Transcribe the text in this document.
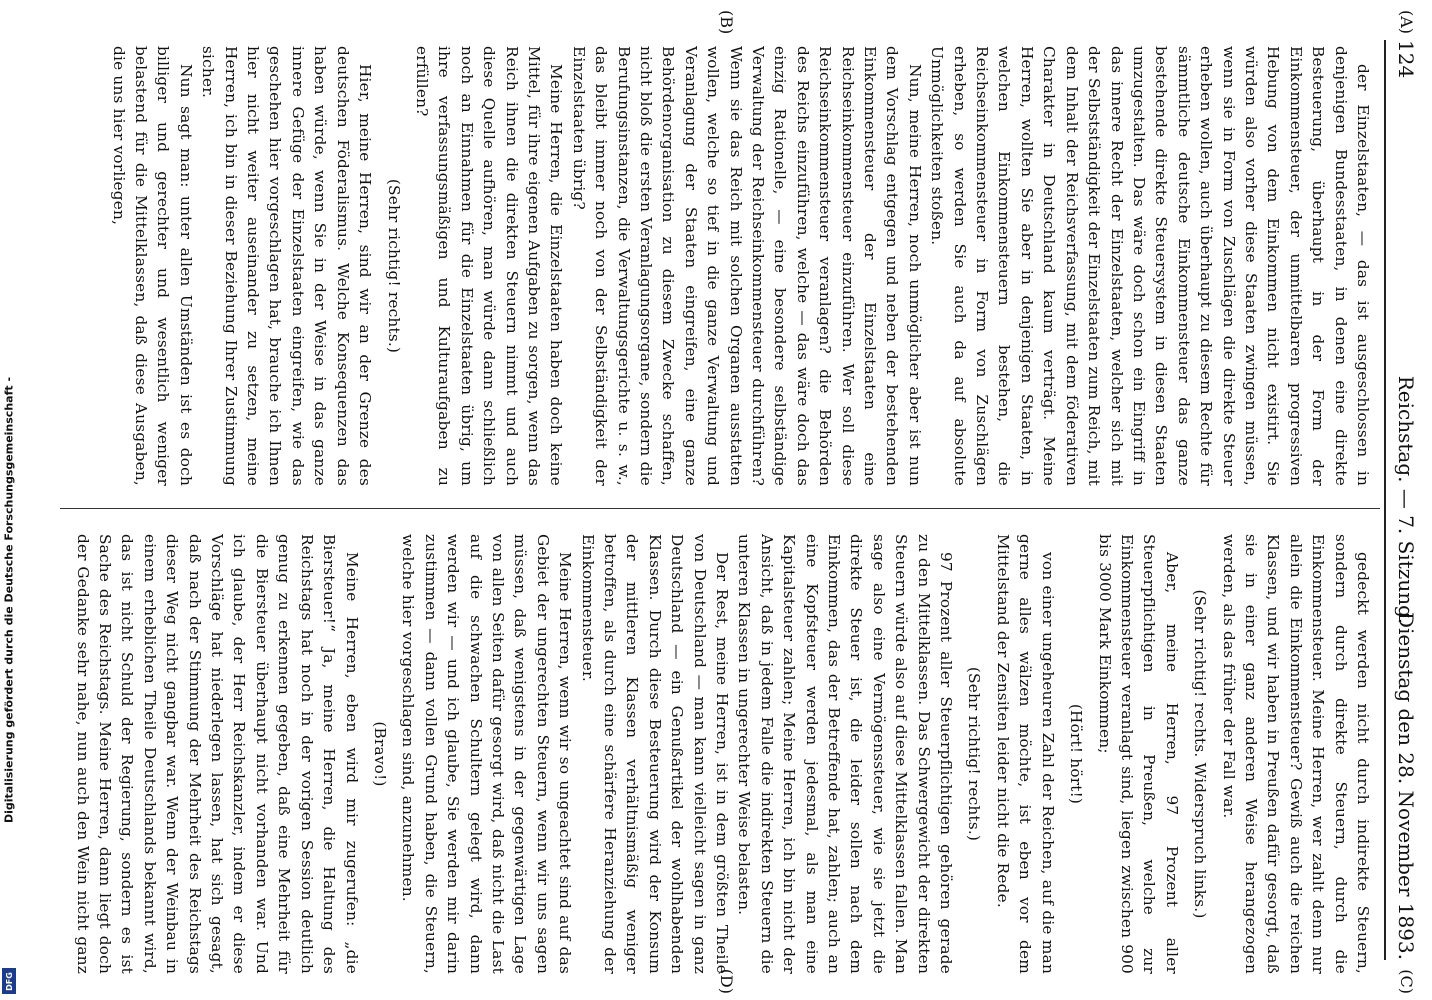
Digitalisierung gefördert durch die Deutsche Forschungsgemeinschaft -
DFG
124
Reichstag. — 7. Sitzung.
Dienstag den 28. November 1893.
(A)
(B)
(C)
(D)

der Einzelstaaten, — das ist ausgeschlossen in denjenigen Bundesstaaten, in denen eine direkte Besteuerung, überhaupt in der Form der Einkommensteuer, der unmittelbaren progressiven Hebung von dem Einkommen nicht existirt. Sie würden also vorher diese Staaten zwingen müssen, wenn sie in Form von Zuschlägen die direkte Steuer erheben wollen, auch überhaupt zu diesem Rechte für sämmtliche deutsche Einkommensteuer das ganze bestehende direkte Steuersystem in diesen Staaten umzugestalten. Das wäre doch schon ein Eingriff in das innere Recht der Einzelstaaten, welcher sich mit der Selbstständigkeit der Einzelstaaten zum Reich, mit dem Inhalt der Reichsverfassung, mit dem föderativen Charakter in Deutschland kaum verträgt. Meine Herren, wollten Sie aber in denjenigen Staaten, in welchen Einkommensteuern bestehen, die Reichseinkommensteuer in Form von Zuschlägen erheben, so werden Sie auch da auf absolute Unmöglichkeiten stoßen.

Nun, meine Herren, noch unmöglicher aber ist nun dem Vorschlag entgegen und neben der bestehenden Einkommensteuer der Einzelstaaten eine Reichseinkommensteuer einzuführen. Wer soll diese Reichseinkommensteuer veranlagen? die Behörden des Reichs einzuführen, welche — das wäre doch das einzig Rationelle, — eine besondere selbständige Verwaltung der Reichseinkommensteuer durchführen? Wenn sie das Reich mit solchen Organen ausstatten wollen, welche so tief in die ganze Verwaltung und Veranlagung der Staaten eingreifen, eine ganze Behördenorganisation zu diesem Zwecke schaffen, nicht bloß die ersten Veranlagungsorgane, sondern die Berufungsinstanzen, die Verwaltungsgerichte u. s. w., das bleibt immer noch von der Selbständigkeit der Einzelstaaten übrig?

Meine Herren, die Einzelstaaten haben doch keine Mittel, für ihre eigenen Aufgaben zu sorgen, wenn das Reich ihnen die direkten Steuern nimmt und auch diese Quelle aufhören, man würde dann schließlich noch an Einnahmen für die Einzelstaaten übrig, um ihre verfassungsmäßigen und Kulturaufgaben zu erfüllen?

(Sehr richtig! rechts.)

Hier, meine Herren, sind wir an der Grenze des deutschen Föderalismus. Welche Konsequenzen das haben würde, wenn Sie in der Weise in das ganze innere Gefüge der Einzelstaaten eingreifen, wie das geschehen hier vorgeschlagen hat, brauche ich Ihnen hier nicht weiter auseinander zu setzen, meine Herren, ich bin in dieser Beziehung Ihrer Zustimmung sicher.

Nun sagt man: unter allen Umständen ist es doch billiger und gerechter und wesentlich weniger belastend für die Mittelklassen, daß diese Ausgaben, die uns hier vorliegen,

gedeckt werden nicht durch indirekte Steuern, sondern durch direkte Steuern, durch die Einkommensteuer. Meine Herren, wer zahlt denn nur allein die Einkommensteuer? Gewiß auch die reichen Klassen, und wir haben in Preußen dafür gesorgt, daß sie in einer ganz anderen Weise herangezogen werden, als das früher der Fall war.

(Sehr richtig! rechts. Widerspruch links.)

Aber, meine Herren, 97 Prozent aller Steuerpflichtigen in Preußen, welche zur Einkommensteuer veranlagt sind, liegen zwischen 900 bis 3000 Mark Einkommen;

(Hört! hört!)

von einer ungeheuren Zahl der Reichen, auf die man gerne alles wälzen möchte, ist eben vor dem Mittelstand der Zensiten leider nicht die Rede.

(Sehr richtig! rechts.)

97 Prozent aller Steuerpflichtigen gehören gerade zu den Mittelklassen. Das Schwergewicht der direkten Steuern würde also auf diese Mittelklassen fallen. Man sage also eine Vermögenssteuer, wie sie jetzt die direkte Steuer ist, die leider sollen nach dem Einkommen, das der Betreffende hat, zahlen; auch an eine Kopfsteuer werden jedesmal, als man eine Kapitalsteuer zahlen; Meine Herren, ich bin nicht der Ansicht, daß in jedem Falle die indirekten Steuern die unteren Klassen in ungerechter Weise belasten.

Der Rest, meine Herren, ist in dem größten Theile von Deutschland — man kann vielleicht sagen in ganz Deutschland — ein Genußartikel der wohlhabenden Klassen. Durch diese Besteuerung wird der Konsum der mittleren Klassen verhältnismäßig weniger betroffen, als durch eine schärfere Heranziehung der Einkommensteuer.

Meine Herren, wenn wir so ungeachtet sind auf das Gebiet der ungerechten Steuern, wenn wir uns sagen müssen, daß wenigstens in der gegenwärtigen Lage von allen Seiten dafür gesorgt wird, daß nicht die Last auf die schwachen Schultern gelegt wird, dann werden wir — und ich glaube, Sie werden mir darin zustimmen — dann vollen Grund haben, die Steuern, welche hier vorgeschlagen sind, anzunehmen.

(Bravo!)

Meine Herren, eben wird mir zugerufen: „die Biersteuer!“ Ja, meine Herren, die Haltung des Reichstags hat noch in der vorigen Session deutlich genug zu erkennen gegeben, daß eine Mehrheit für die Biersteuer überhaupt nicht vorhanden war. Und ich glaube, der Herr Reichskanzler, indem er diese Vorschläge hat niederlegen lassen, hat sich gesagt, daß nach der Stimmung der Mehrheit des Reichstags dieser Weg nicht gangbar war. Wenn der Weinbau in einem erheblichen Theile Deutschlands bekannt wird, das ist nicht Schuld der Regierung, sondern es ist Sache des Reichstags. Meine Herren, dann liegt doch der Gedanke sehr nahe, nun auch den Wein nicht ganz
